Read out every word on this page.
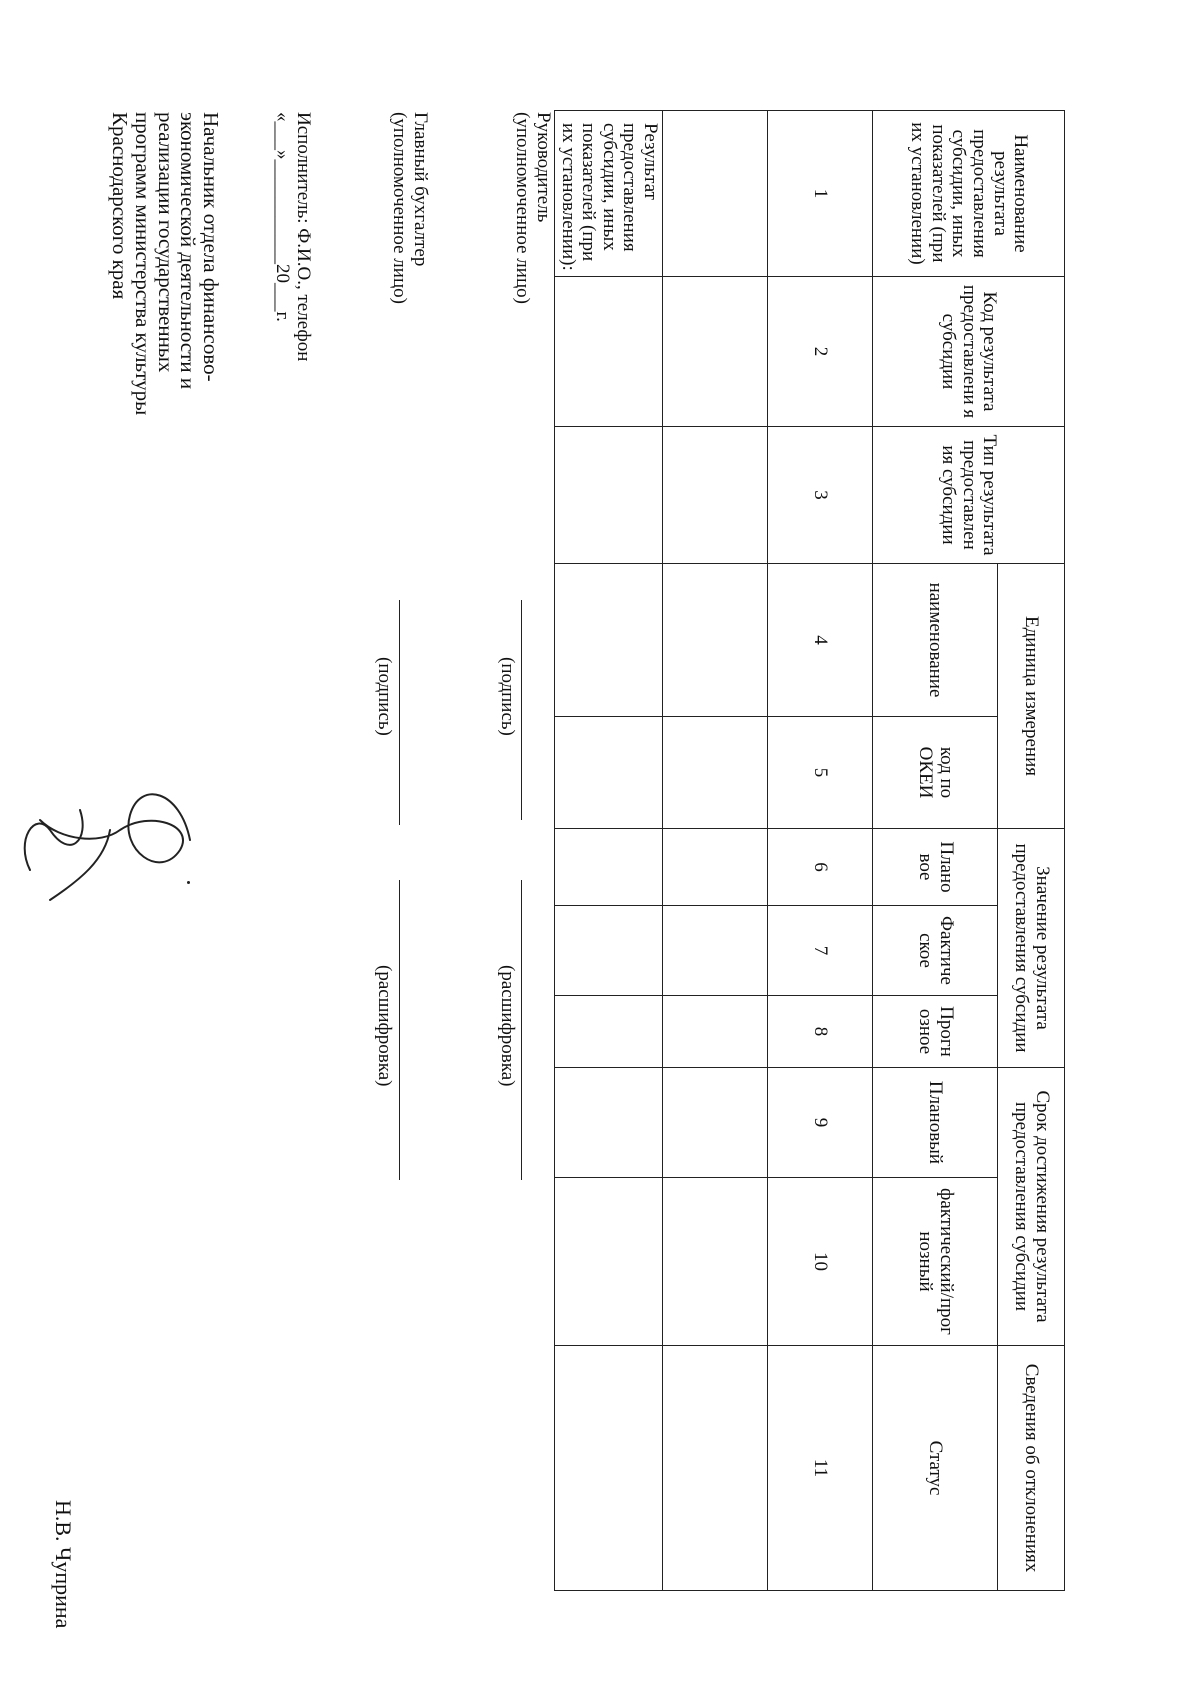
Наименование результата предоставления субсидии, иных показателей (при их установлении)	Код результата предоставлени я субсидии	Тип результата предоставлен ия субсидии	Единица измерения		Значение результата предоставления субсидии			Срок достижения результата предоставления субсидии		Сведения об отклонениях
			наименование	код по ОКЕИ	Плано вое	Фактиче ское	Прогн озное	Плановый	фактический/прог нозный	Статус
1	2	3	4	5	6	7	8	9	10	11

Результат предоставления субсидии, иных показателей (при их установлении):										
Руководитель
(уполномоченное лицо)
(подпись)
(расшифровка)
Главный бухгалтер
(уполномоченное лицо)
(подпись)
(расшифровка)
Исполнитель: Ф.И.О., телефон
«___»___________20___г.
Начальник отдела финансово-
экономической деятельности и
реализации государственных
программ министерства культуры
Краснодарского края
Н.В. Чуприна
